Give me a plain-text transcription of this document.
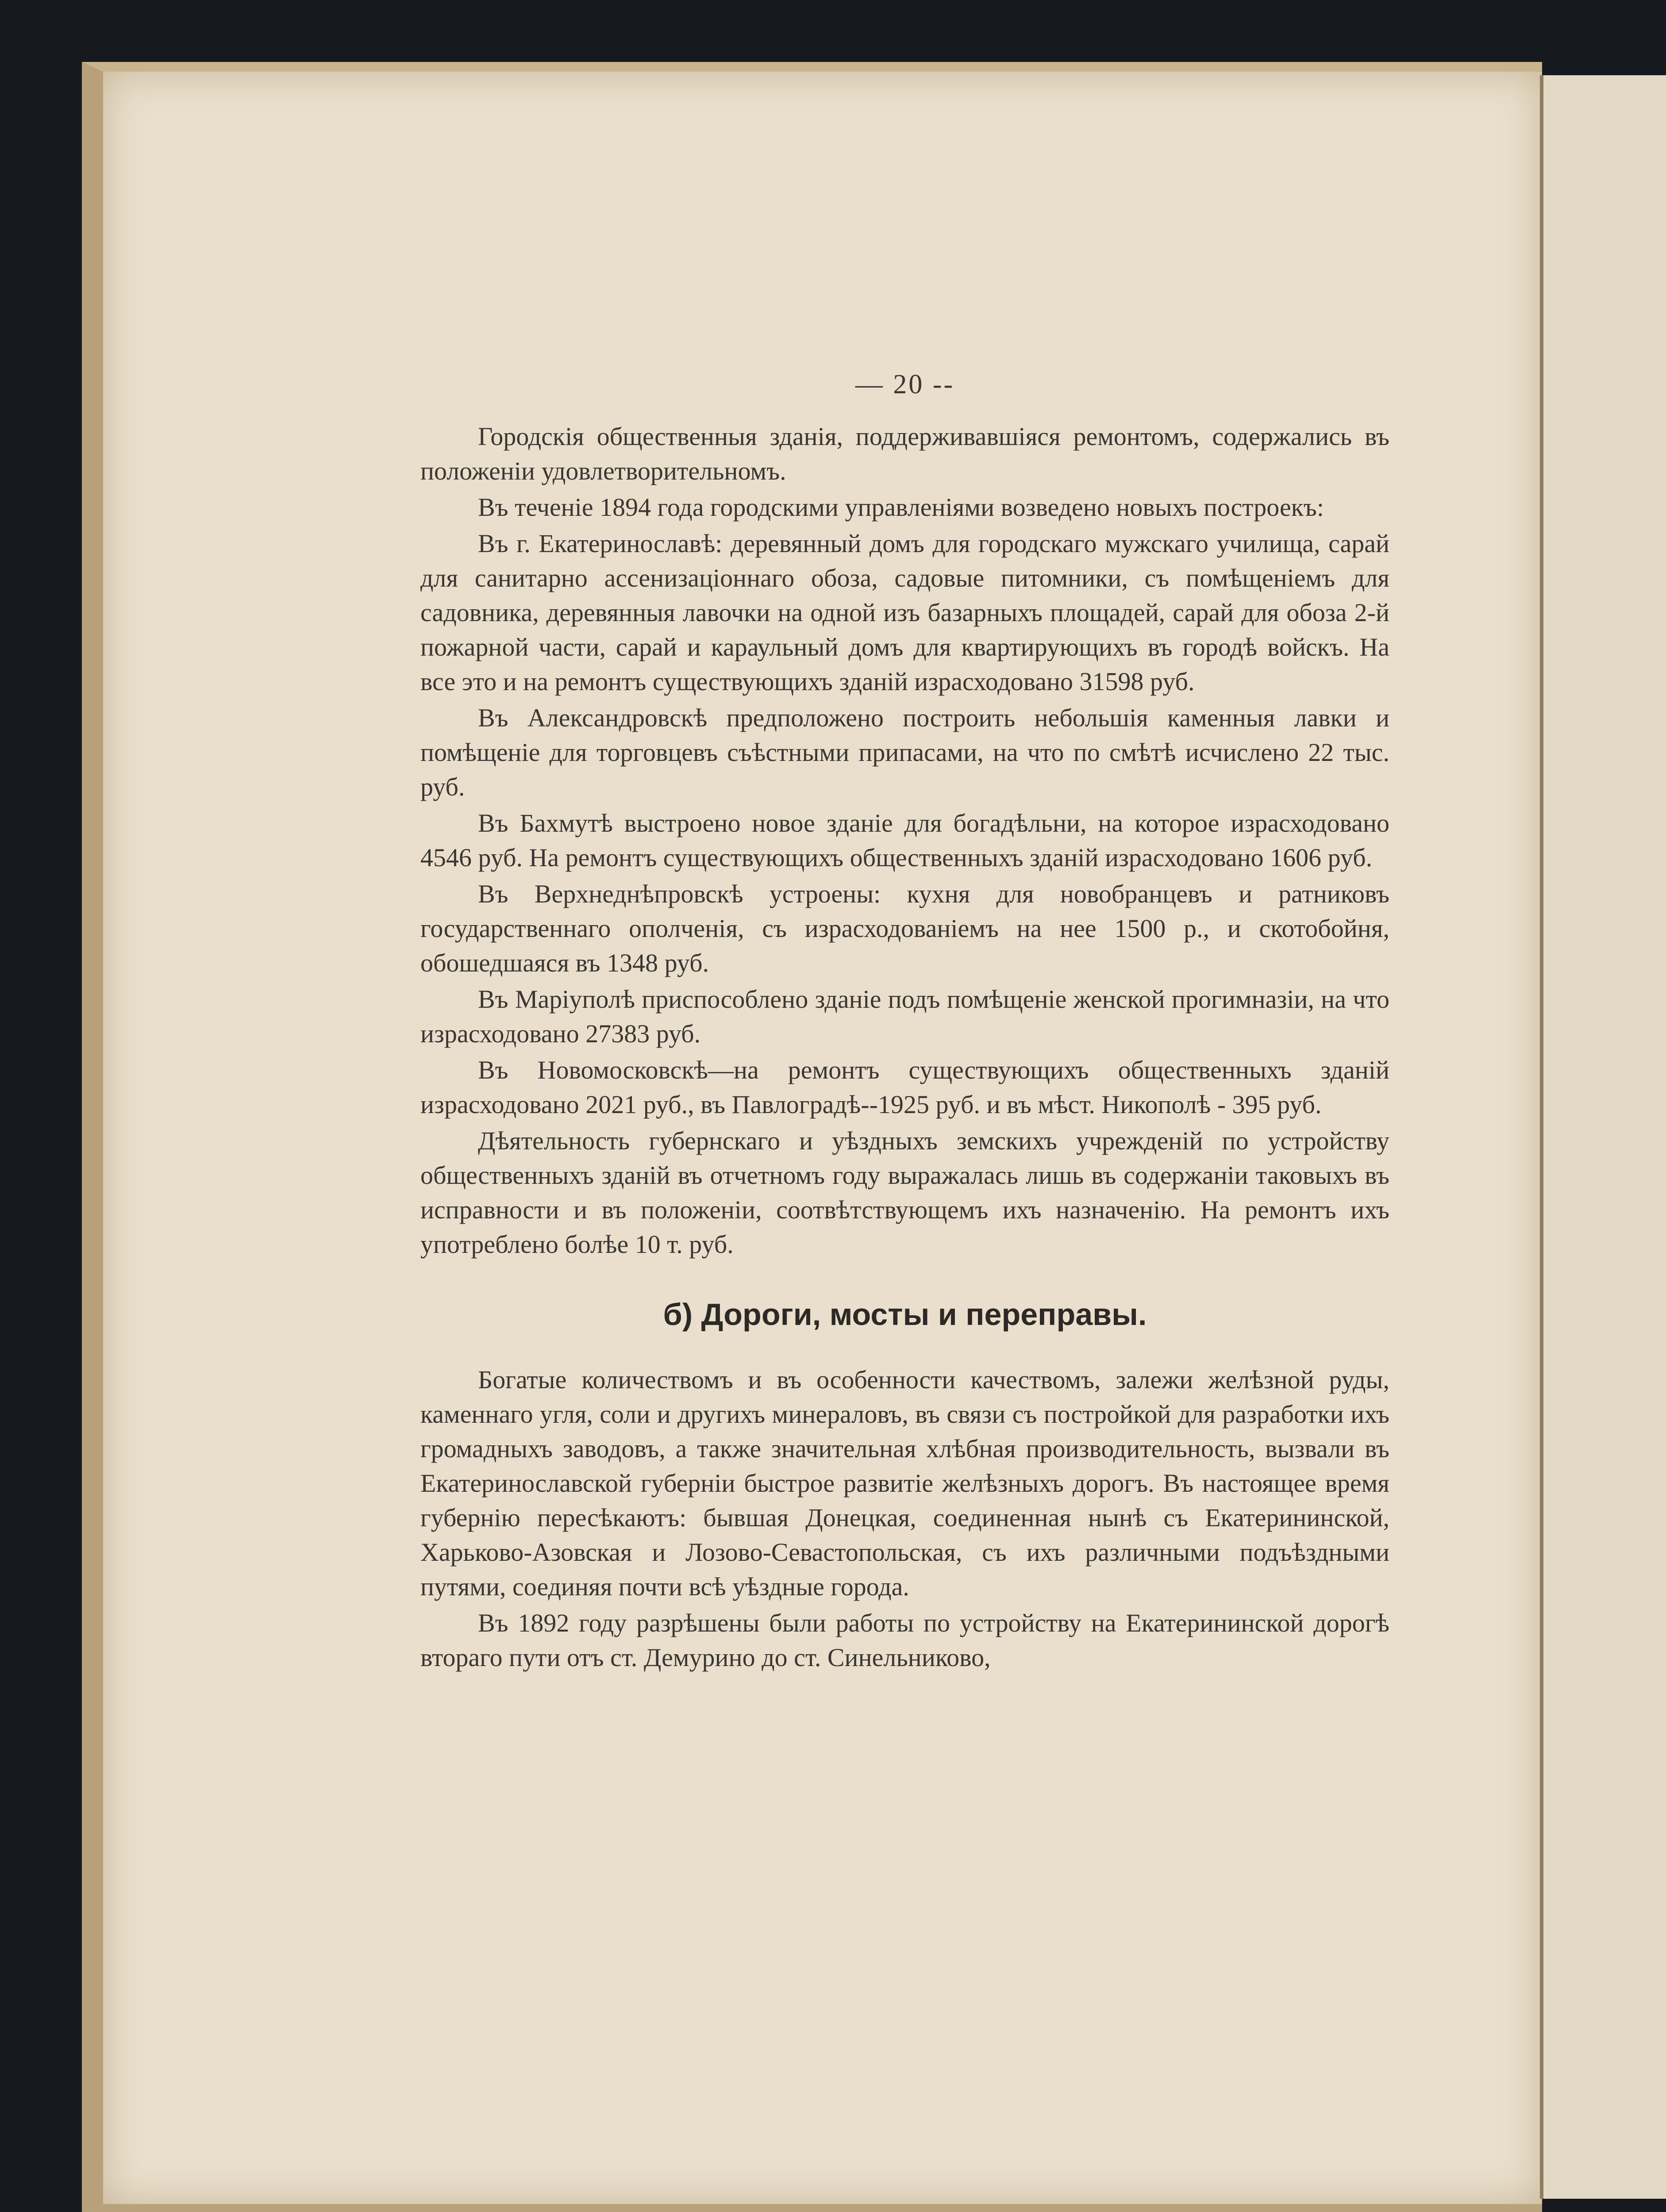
— 20 --

Городскія общественныя зданія, поддерживавшіяся ремонтомъ, содержались въ положеніи удовлетворительномъ.

Въ теченіе 1894 года городскими управленіями возведено новыхъ построекъ:

Въ г. Екатеринославѣ: деревянный домъ для городскаго мужскаго училища, сарай для санитарно ассенизаціоннаго обоза, садовые питомники, съ помѣщеніемъ для садовника, деревянныя лавочки на одной изъ базарныхъ площадей, сарай для обоза 2-й пожарной части, сарай и караульный домъ для квартирующихъ въ городѣ войскъ. На все это и на ремонтъ существующихъ зданій израсходовано 31598 руб.

Въ Александровскѣ предположено построить небольшія каменныя лавки и помѣщеніе для торговцевъ съѣстными припасами, на что по смѣтѣ исчислено 22 тыс. руб.

Въ Бахмутѣ выстроено новое зданіе для богадѣльни, на которое израсходовано 4546 руб. На ремонтъ существующихъ общественныхъ зданій израсходовано 1606 руб.

Въ Верхнеднѣпровскѣ устроены: кухня для новобранцевъ и ратниковъ государственнаго ополченія, съ израсходованіемъ на нее 1500 р., и скотобойня, обошедшаяся въ 1348 руб.

Въ Маріуполѣ приспособлено зданіе подъ помѣщеніе женской прогимназіи, на что израсходовано 27383 руб.

Въ Новомосковскѣ—на ремонтъ существующихъ общественныхъ зданій израсходовано 2021 руб., въ Павлоградѣ--1925 руб. и въ мѣст. Никополѣ - 395 руб.

Дѣятельность губернскаго и уѣздныхъ земскихъ учрежденій по устройству общественныхъ зданій въ отчетномъ году выражалась лишь въ содержаніи таковыхъ въ исправности и въ положеніи, соотвѣтствующемъ ихъ назначенію. На ремонтъ ихъ употреблено болѣе 10 т. руб.

б) Дороги, мосты и переправы.

Богатые количествомъ и въ особенности качествомъ, залежи желѣзной руды, каменнаго угля, соли и другихъ минераловъ, въ связи съ постройкой для разработки ихъ громадныхъ заводовъ, а также значительная хлѣбная производительность, вызвали въ Екатеринославской губерніи быстрое развитіе желѣзныхъ дорогъ. Въ настоящее время губернію пересѣкаютъ: бывшая Донецкая, соединенная нынѣ съ Екатерининской, Харьково-Азовская и Лозово-Севастопольская, съ ихъ различными подъѣздными путями, соединяя почти всѣ уѣздные города.

Въ 1892 году разрѣшены были работы по устройству на Екатерининской дорогѣ втораго пути отъ ст. Демурино до ст. Синельниково,
